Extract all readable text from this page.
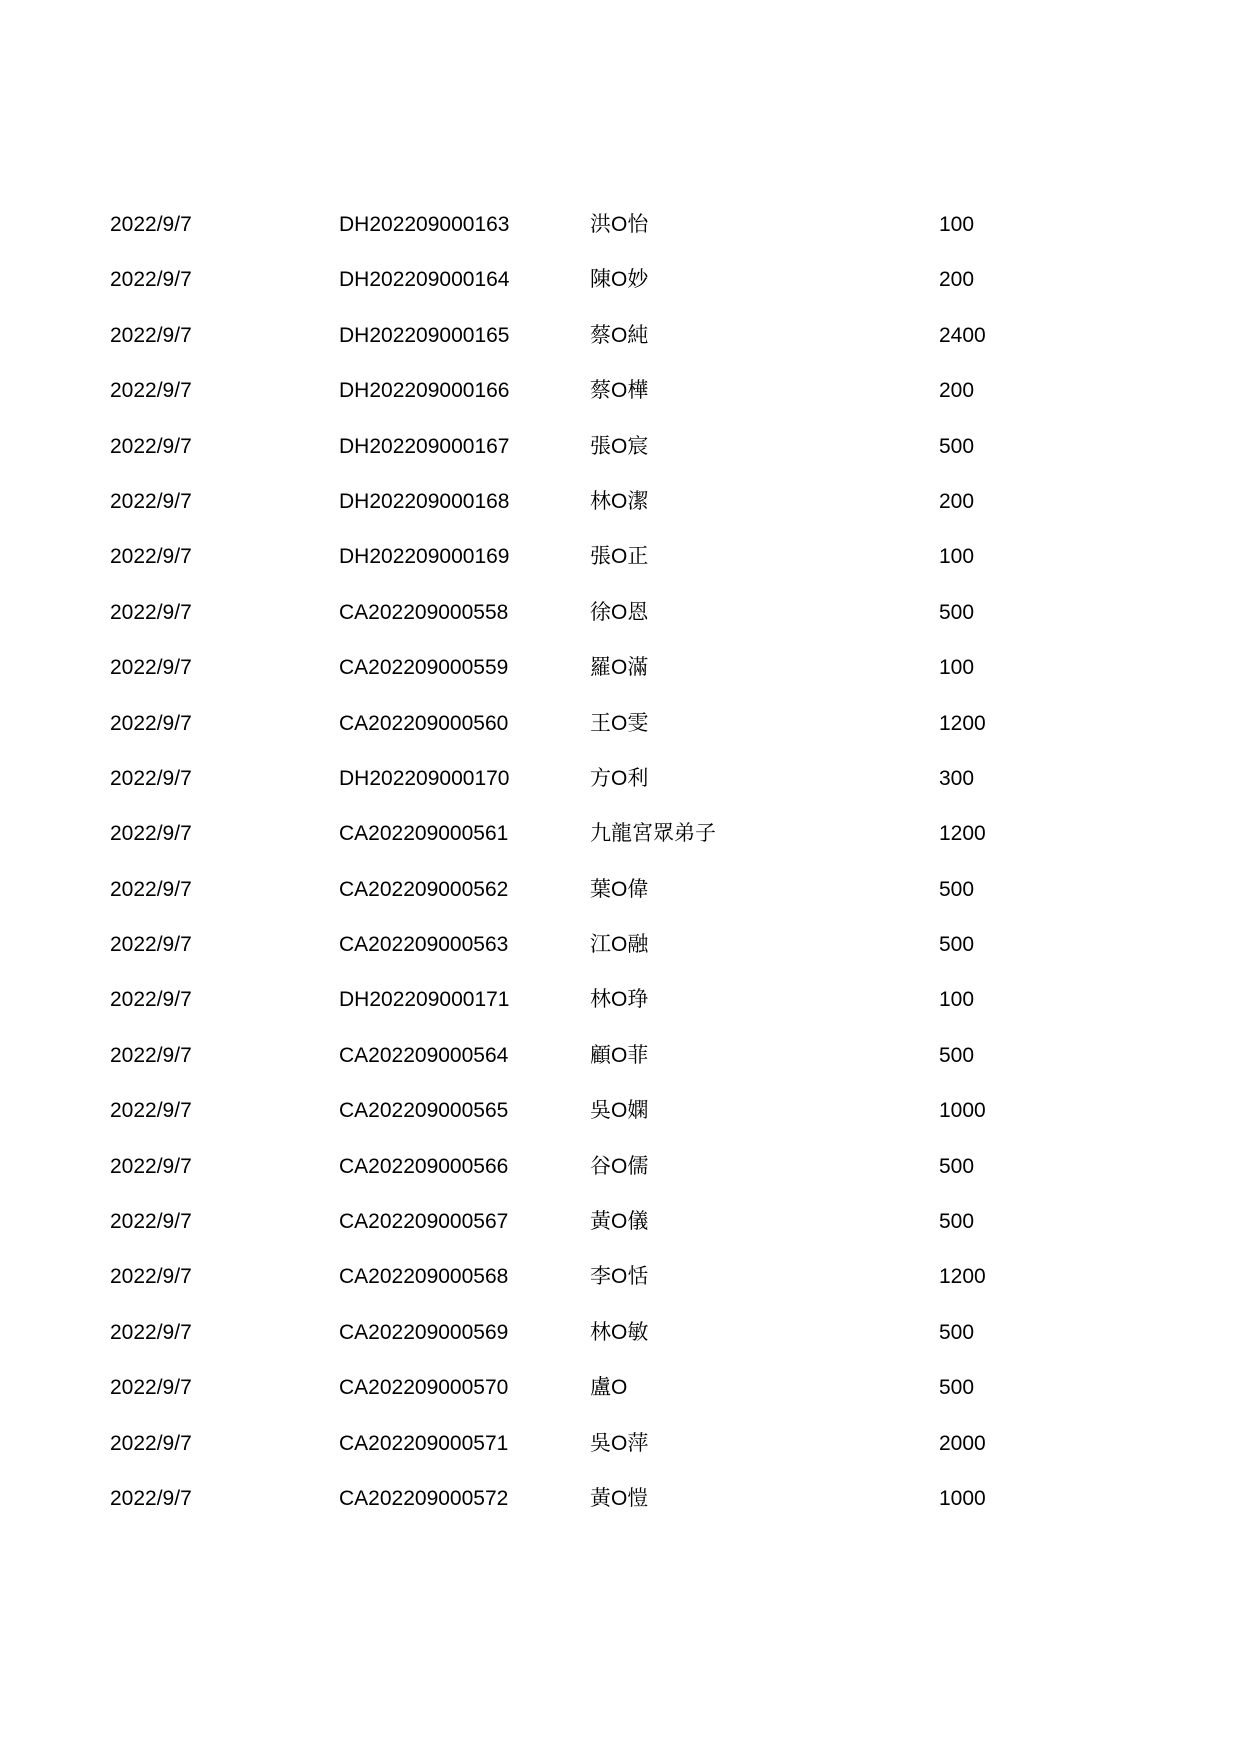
2022/9/7	DH202209000163	洪O怡	100
2022/9/7	DH202209000164	陳O妙	200
2022/9/7	DH202209000165	蔡O純	2400
2022/9/7	DH202209000166	蔡O樺	200
2022/9/7	DH202209000167	張O宸	500
2022/9/7	DH202209000168	林O潔	200
2022/9/7	DH202209000169	張O正	100
2022/9/7	CA202209000558	徐O恩	500
2022/9/7	CA202209000559	羅O滿	100
2022/9/7	CA202209000560	王O雯	1200
2022/9/7	DH202209000170	方O利	300
2022/9/7	CA202209000561	九龍宮眾弟子	1200
2022/9/7	CA202209000562	葉O偉	500
2022/9/7	CA202209000563	江O融	500
2022/9/7	DH202209000171	林O琤	100
2022/9/7	CA202209000564	顧O菲	500
2022/9/7	CA202209000565	吳O嫻	1000
2022/9/7	CA202209000566	谷O儒	500
2022/9/7	CA202209000567	黃O儀	500
2022/9/7	CA202209000568	李O恬	1200
2022/9/7	CA202209000569	林O敏	500
2022/9/7	CA202209000570	盧O	500
2022/9/7	CA202209000571	吳O萍	2000
2022/9/7	CA202209000572	黃O愷	1000
